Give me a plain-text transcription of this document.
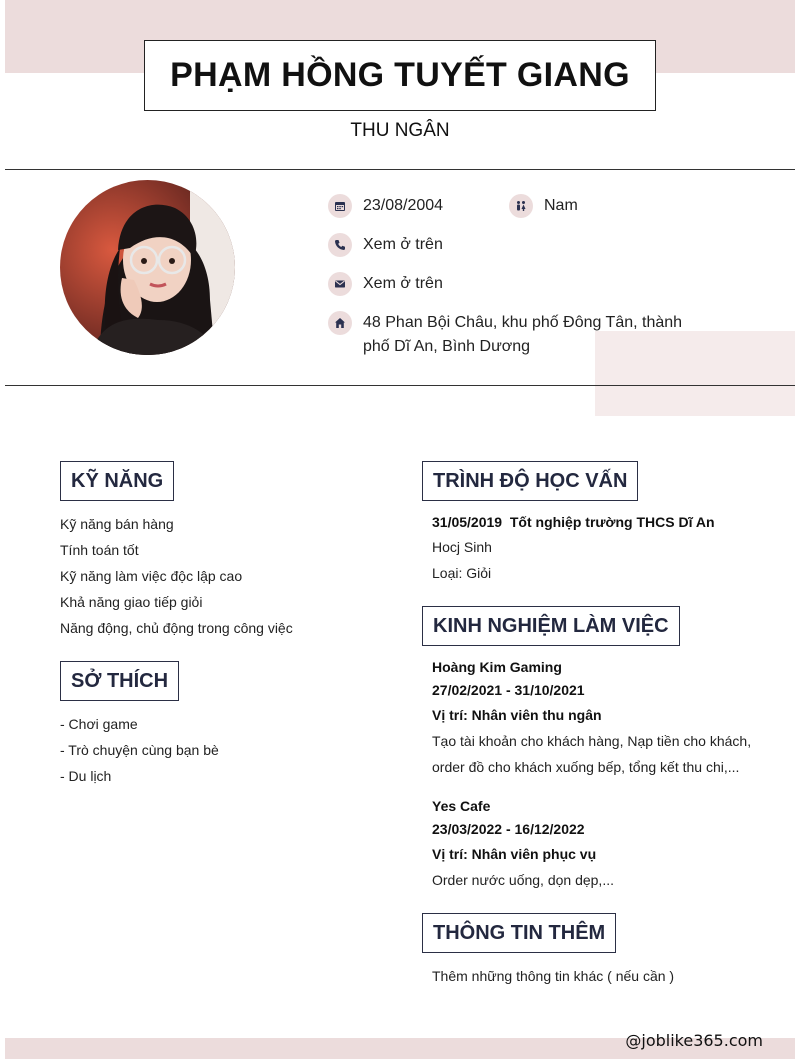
PHẠM HỒNG TUYẾT GIANG
THU NGÂN
23/08/2004	Nam
Xem ở trên
Xem ở trên
48 Phan Bội Châu, khu phố Đông Tân, thành phố Dĩ An, Bình Dương
KỸ NĂNG
Kỹ năng bán hàng
Tính toán tốt
Kỹ năng làm việc độc lập cao
Khả năng giao tiếp giỏi
Năng động, chủ động trong công việc
SỞ THÍCH
- Chơi game
- Trò chuyện cùng bạn bè
- Du lịch
TRÌNH ĐỘ HỌC VẤN
31/05/2019 Tốt nghiệp trường THCS Dĩ An
Hocj Sinh
Loại: Giỏi
KINH NGHIỆM LÀM VIỆC
Hoàng Kim Gaming
27/02/2021 - 31/10/2021
Vị trí: Nhân viên thu ngân
Tạo tài khoản cho khách hàng, Nạp tiền cho khách,
order đồ cho khách xuống bếp, tổng kết thu chi,...
Yes Cafe
23/03/2022 - 16/12/2022
Vị trí: Nhân viên phục vụ
Order nước uống, dọn dẹp,...
THÔNG TIN THÊM
Thêm những thông tin khác ( nếu cần )
@joblike365.com
